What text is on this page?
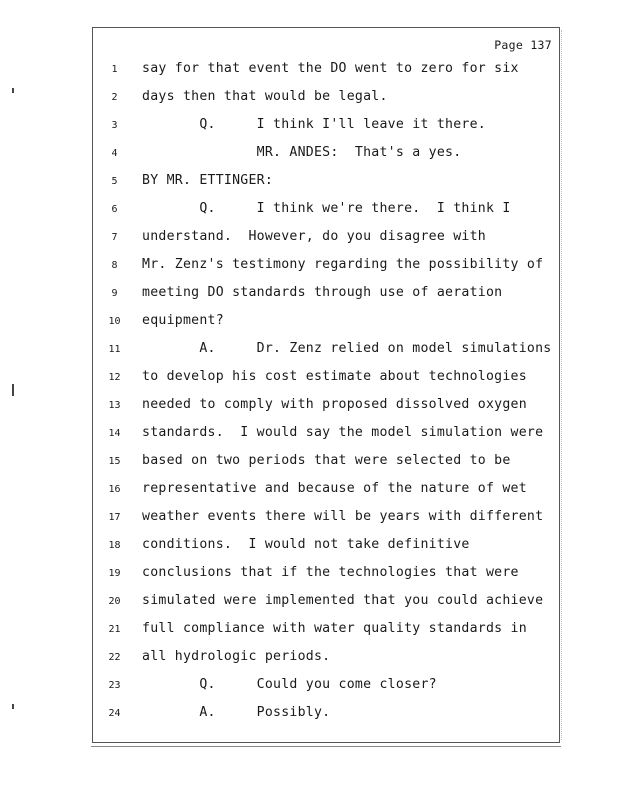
Page 137

1

	say for that event the DO went to zero for six

2

	days then that would be legal.

3

	Q.     I think I'll leave it there.

4

	MR. ANDES:  That's a yes.

5

	BY MR. ETTINGER:

6

	Q.     I think we're there.  I think I

7

	understand.  However, do you disagree with

8

	Mr. Zenz's testimony regarding the possibility of

9

	meeting DO standards through use of aeration

10

	equipment?

11

	A.     Dr. Zenz relied on model simulations

12

	to develop his cost estimate about technologies

13

	needed to comply with proposed dissolved oxygen

14

	standards.  I would say the model simulation were

15

	based on two periods that were selected to be

16

	representative and because of the nature of wet

17

	weather events there will be years with different

18

	conditions.  I would not take definitive

19

	conclusions that if the technologies that were

20

	simulated were implemented that you could achieve

21

	full compliance with water quality standards in

22

	all hydrologic periods.

23

	Q.     Could you come closer?

24

	A.     Possibly.
